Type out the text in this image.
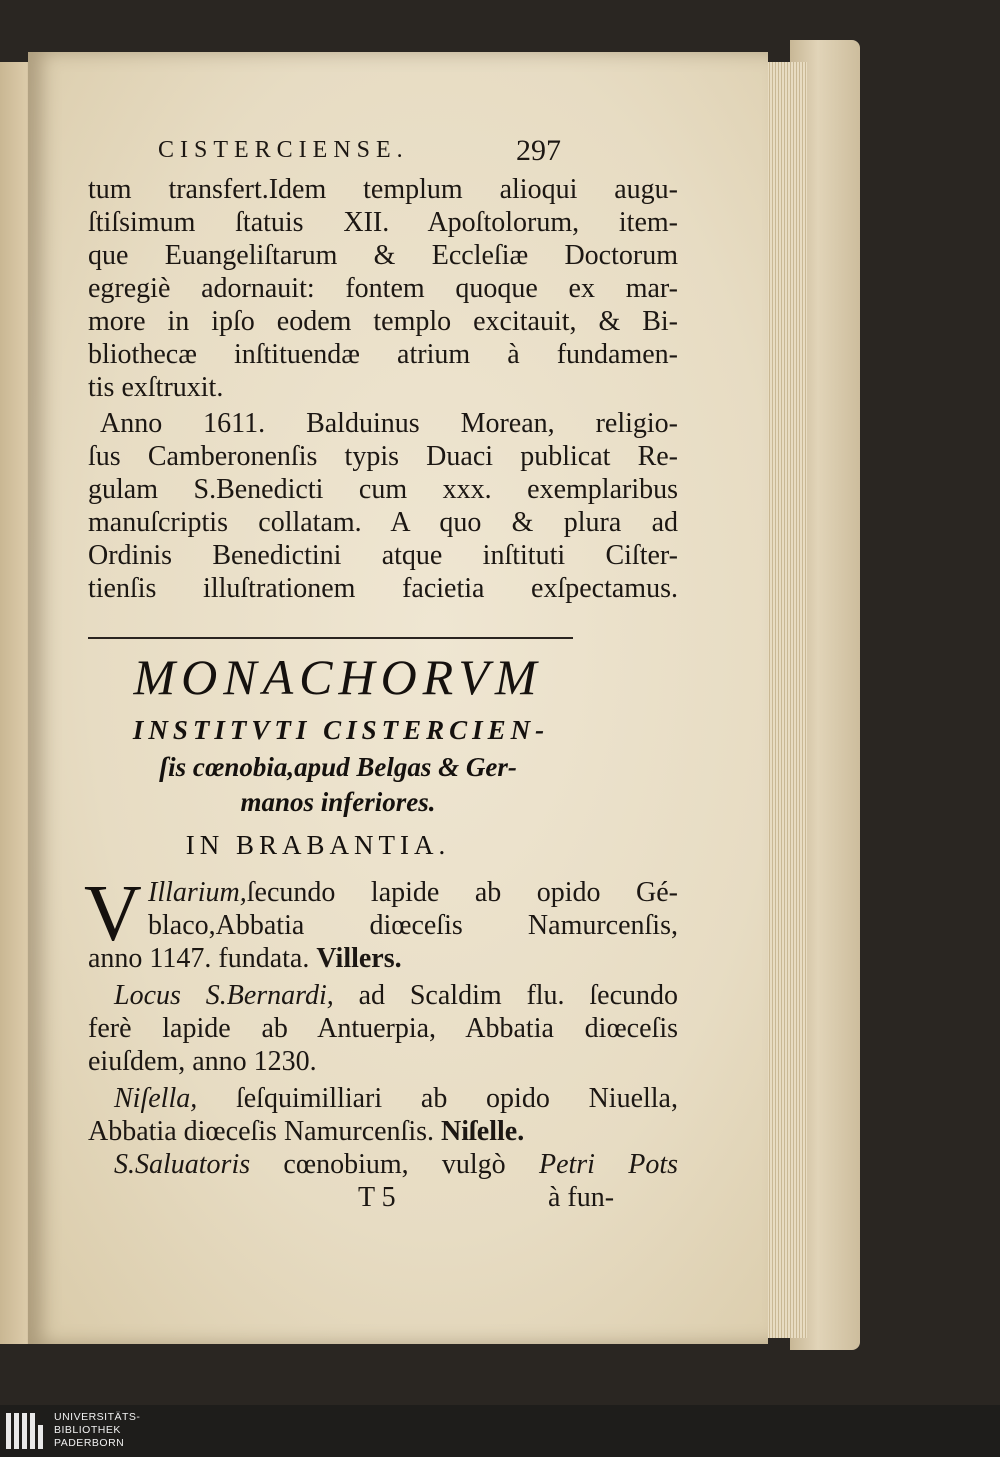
CISTERCIENSE.	297
tum transfert.Idem templum alioqui augu-
ſtiſsimum ſtatuis XII. Apoſtolorum, item-
que Euangeliſtarum & Eccleſiæ Doctorum
egregiè adornauit: fontem quoque ex mar-
more in ipſo eodem templo excitauit, & Bi-
bliothecæ inſtituendæ atrium à fundamen-
tis exſtruxit.
Anno 1611. Balduinus Morean, religio-
ſus Camberonenſis typis Duaci publicat Re-
gulam S.Benedicti cum xxx. exemplaribus
manuſcriptis collatam. A quo & plura ad
Ordinis Benedictini atque inſtituti Ciſter-
tienſis illuſtrationem facietia exſpectamus.
MONACHORVM
INSTITVTI CISTERCIEN-
ſis cœnobia,apud Belgas & Ger-
manos inferiores.
IN BRABANTIA.
V Illarium,ſecundo lapide ab opido Gé-
blaco,Abbatia diœceſis Namurcenſis,
anno 1147. fundata. Villers.
Locus S.Bernardi, ad Scaldim flu. ſecundo
ferè lapide ab Antuerpia, Abbatia diœceſis
eiuſdem, anno 1230.
Niſella, ſeſquimilliari ab opido Niuella,
Abbatia diœceſis Namurcenſis. Niſelle.
S.Saluatoris cœnobium, vulgò Petri Pots
T 5	à fun-
UNIVERSITÄTS-
BIBLIOTHEK
PADERBORN
